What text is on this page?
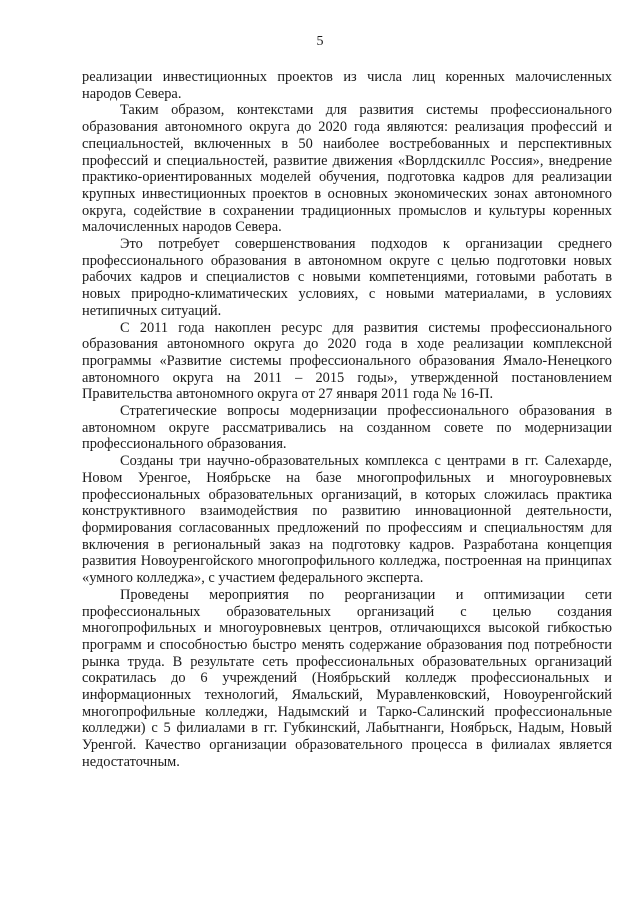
5

реализации инвестиционных проектов из числа лиц коренных малочисленных народов Севера.

Таким образом, контекстами для развития системы профессионального образования автономного округа до 2020 года являются: реализация профессий и специальностей, включенных в 50 наиболее востребованных и перспективных профессий и специальностей, развитие движения «Ворлдскиллс Россия», внедрение практико-ориентированных моделей обучения, подготовка кадров для реализации крупных инвестиционных проектов в основных экономических зонах автономного округа, содействие в сохранении традиционных промыслов и культуры коренных малочисленных народов Севера.

Это потребует совершенствования подходов к организации среднего профессионального образования в автономном округе с целью подготовки новых рабочих кадров и специалистов с новыми компетенциями, готовыми работать в новых природно-климатических условиях, с новыми материалами, в условиях нетипичных ситуаций.

С 2011 года накоплен ресурс для развития системы профессионального образования автономного округа до 2020 года в ходе реализации комплексной программы «Развитие системы профессионального образования Ямало-Ненецкого автономного округа на 2011 – 2015 годы», утвержденной постановлением Правительства автономного округа от 27 января 2011 года № 16-П.

Стратегические вопросы модернизации профессионального образования в автономном округе рассматривались на созданном совете по модернизации профессионального образования.

Созданы три научно-образовательных комплекса с центрами в гг. Салехарде, Новом Уренгое, Ноябрьске на базе многопрофильных и многоуровневых профессиональных образовательных организаций, в которых сложилась практика конструктивного взаимодействия по развитию инновационной деятельности, формирования согласованных предложений по профессиям и специальностям для включения в региональный заказ на подготовку кадров. Разработана концепция развития Новоуренгойского многопрофильного колледжа, построенная на принципах «умного колледжа», с участием федерального эксперта.

Проведены мероприятия по реорганизации и оптимизации сети профессиональных образовательных организаций с целью создания многопрофильных и многоуровневых центров, отличающихся высокой гибкостью программ и способностью быстро менять содержание образования под потребности рынка труда. В результате сеть профессиональных образовательных организаций сократилась до 6 учреждений (Ноябрьский колледж профессиональных и информационных технологий, Ямальский, Муравленковский, Новоуренгойский многопрофильные колледжи, Надымский и Тарко-Салинский профессиональные колледжи) с 5 филиалами в гг. Губкинский, Лабытнанги, Ноябрьск, Надым, Новый Уренгой. Качество организации образовательного процесса в филиалах является недостаточным.
